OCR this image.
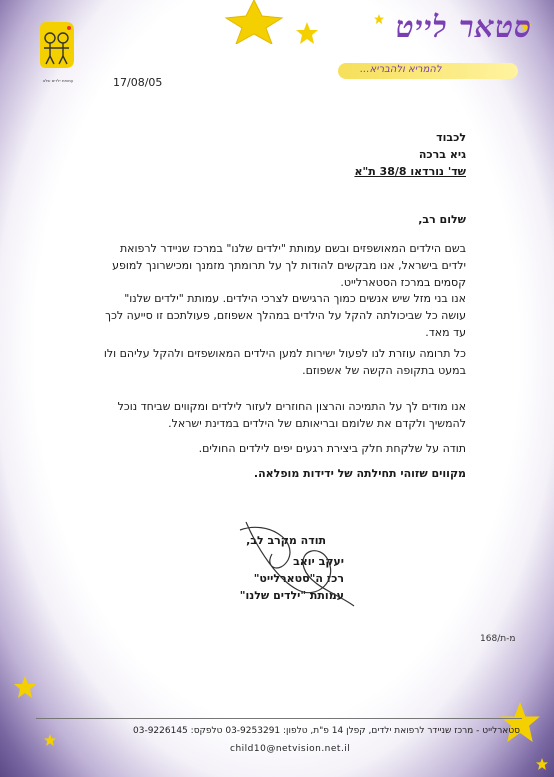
עמותת ילדים שלנו
סטאר לייט
להמריא ולהבריא...
17/08/05
לכבוד
גיא ברכה
שד' נורדאו 38/8 ת"א
שלום רב,
בשם הילדים המאושפזים ובשם עמותת "ילדים שלנו" במרכז שניידר לרפואת ילדים בישראל, אנו מבקשים להודות לך על תרומתך מזמנך ומכישרונך למופע קסמים במרכז הסטארלייט.
אנו בני מזל שיש אנשים כמוך הרגישים לצרכי הילדים. עמותת "ילדים שלנו" עושה כל שביכולתה להקל על הילדים במהלך אשפוזם, פעולתכם זו סייעה לכך עד מאד.
כל תרומה עוזרת לנו לפעול ישירות למען הילדים המאושפזים ולהקל עליהם ולו במעט בתקופה הקשה של אשפוזם.
אנו מודים לך על התמיכה והרצון החוזרים לעזור לילדים ומקווים שביחד נוכל להמשיך ולקדם את שלומם ובריאותם של הילדים במדינת ישראל.
תודה על שלקחת חלק ביצירת רגעים יפים לילדים החולים.
מקווים שזוהי תחילתה של ידידות מופלאה.
תודה מקרב לב,
יעקב יואב
רכז ה"סטארלייט"
עמותת "ילדים שלנו"
מ-ת/168
סטארלייט - מרכז שניידר לרפואת ילדים, קפלן 14 פ"ת, טלפון: 03-9253291 טלפקס: 03-9226145
child10@netvision.net.il
